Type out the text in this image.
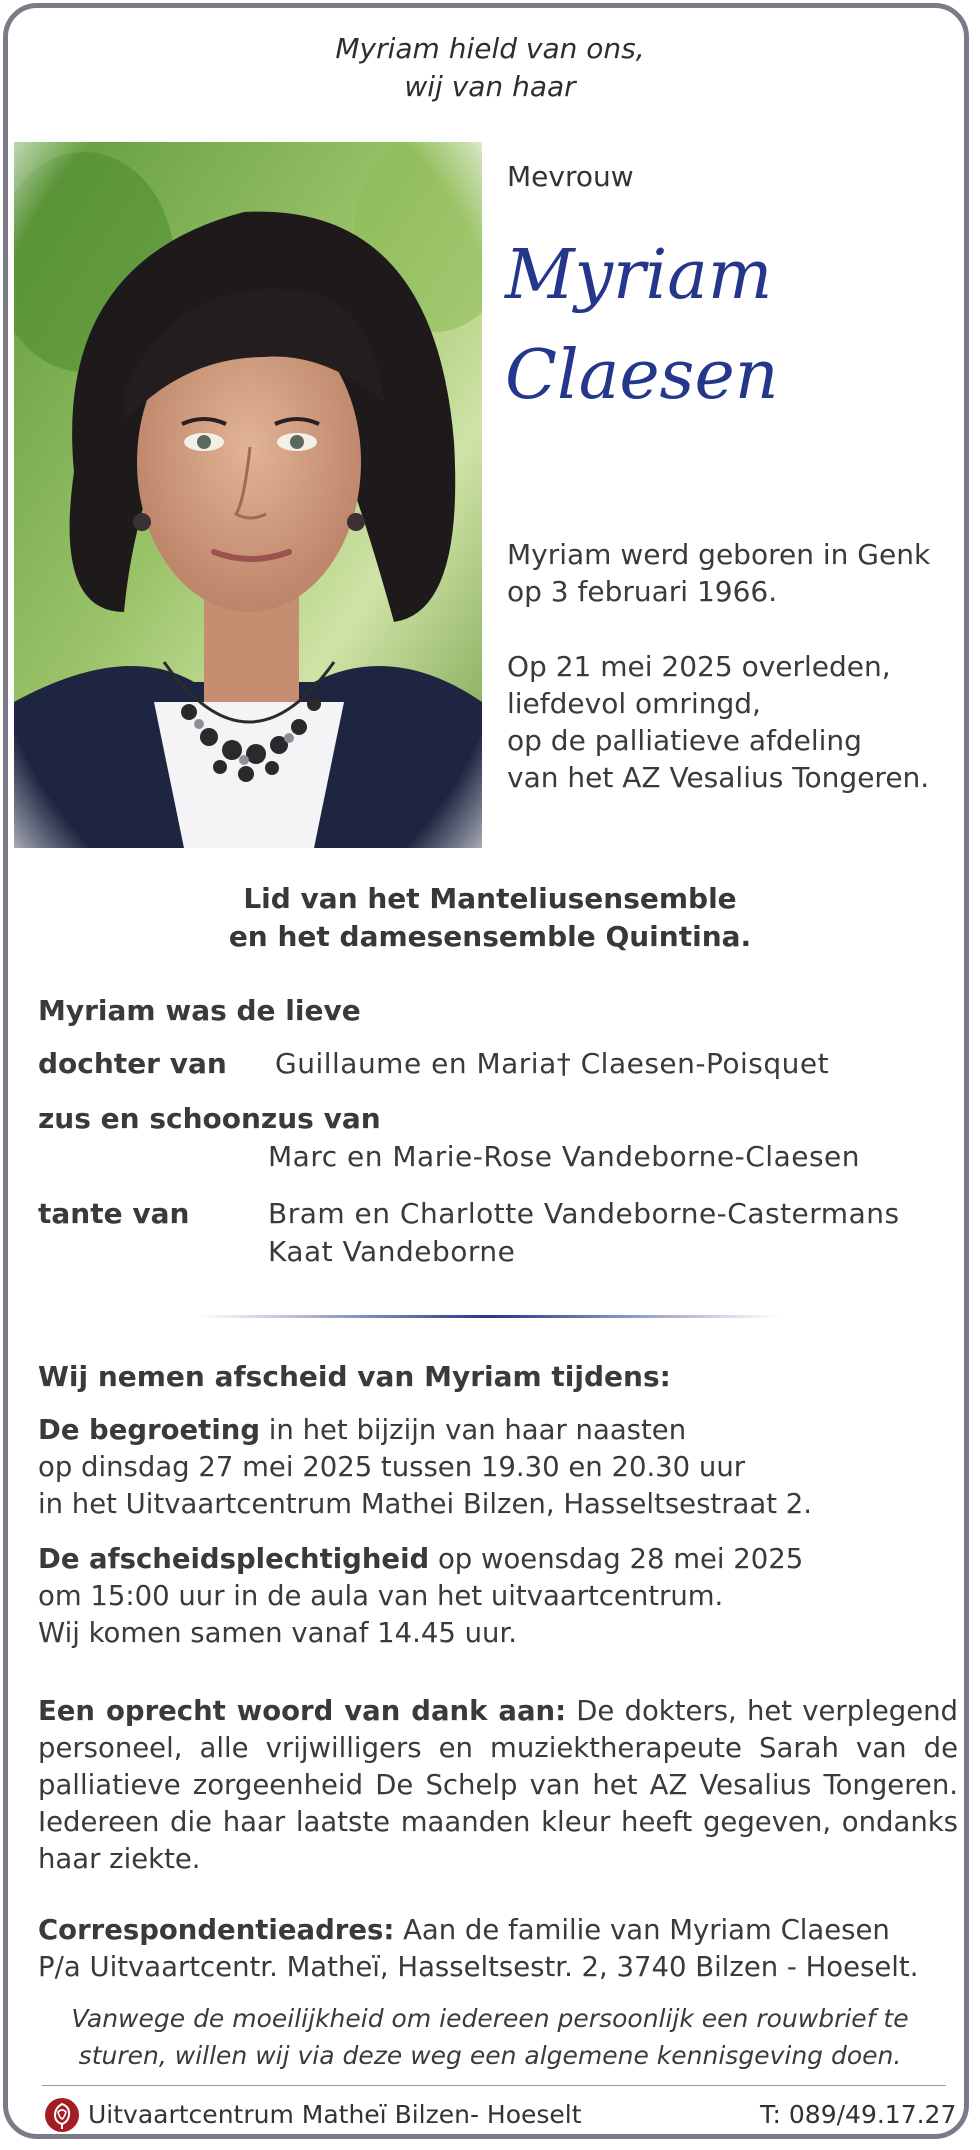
Myriam hield van ons,
wij van haar
Mevrouw
Myriam
Claesen
Myriam werd geboren in Genk
op 3 februari 1966.
Op 21 mei 2025 overleden,
liefdevol omringd,
op de palliatieve afdeling
van het AZ Vesalius Tongeren.
Lid van het Manteliusensemble
en het damesensemble Quintina.
Myriam was de lieve
dochter van Guillaume en Maria† Claesen-Poisquet
zus en schoonzus van
Marc en Marie-Rose Vandeborne-Claesen
tante van	Bram en Charlotte Vandeborne-Castermans
Kaat Vandeborne
Wij nemen afscheid van Myriam tijdens:
De begroeting in het bijzijn van haar naasten
op dinsdag 27 mei 2025 tussen 19.30 en 20.30 uur
in het Uitvaartcentrum Mathei Bilzen, Hasseltsestraat 2.
De afscheidsplechtigheid op woensdag 28 mei 2025
om 15:00 uur in de aula van het uitvaartcentrum.
Wij komen samen vanaf 14.45 uur.
Een oprecht woord van dank aan: De dokters, het verplegend personeel, alle vrijwilligers en muziektherapeute Sarah van de palliatieve zorgeenheid De Schelp van het AZ Vesalius Tongeren. Iedereen die haar laatste maanden kleur heeft gegeven, ondanks haar ziekte.
Correspondentieadres: Aan de familie van Myriam Claesen
P/a Uitvaartcentr. Matheï, Hasseltsestr. 2, 3740 Bilzen - Hoeselt.
Vanwege de moeilijkheid om iedereen persoonlijk een rouwbrief te
sturen, willen wij via deze weg een algemene kennisgeving doen.
Uitvaartcentrum Matheï Bilzen- Hoeselt	T: 089/49.17.27
